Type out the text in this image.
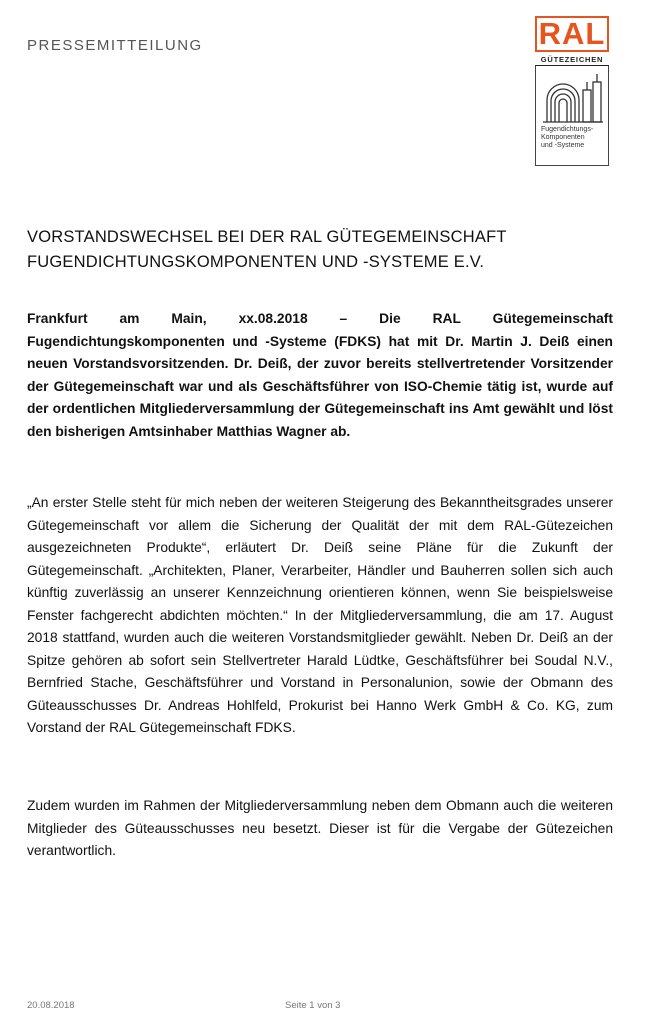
PRESSEMITTEILUNG	RAL
GÜTEZEICHEN
Fugendichtungs-
Komponenten
und -Systeme
VORSTANDSWECHSEL BEI DER RAL GÜTEGEMEINSCHAFT
FUGENDICHTUNGSKOMPONENTEN UND -SYSTEME E.V.

Frankfurt am Main, xx.08.2018 – Die RAL Gütegemeinschaft Fugendichtungskomponenten und -Systeme (FDKS) hat mit Dr. Martin J. Deiß einen neuen Vorstandsvorsitzenden. Dr. Deiß, der zuvor bereits stellvertretender Vorsitzender der Gütegemeinschaft war und als Geschäftsführer von ISO-Chemie tätig ist, wurde auf der ordentlichen Mitgliederversammlung der Gütegemeinschaft ins Amt gewählt und löst den bisherigen Amtsinhaber Matthias Wagner ab.

„An erster Stelle steht für mich neben der weiteren Steigerung des Bekanntheitsgrades unserer Gütegemeinschaft vor allem die Sicherung der Qualität der mit dem RAL-Gütezeichen ausgezeichneten Produkte“, erläutert Dr. Deiß seine Pläne für die Zukunft der Gütegemeinschaft. „Architekten, Planer, Verarbeiter, Händler und Bauherren sollen sich auch künftig zuverlässig an unserer Kennzeichnung orientieren können, wenn Sie beispielsweise Fenster fachgerecht abdichten möchten.“ In der Mitgliederversammlung, die am 17. August 2018 stattfand, wurden auch die weiteren Vorstandsmitglieder gewählt. Neben Dr. Deiß an der Spitze gehören ab sofort sein Stellvertreter Harald Lüdtke, Geschäftsführer bei Soudal N.V., Bernfried Stache, Geschäftsführer und Vorstand in Personalunion, sowie der Obmann des Güteausschusses Dr. Andreas Hohlfeld, Prokurist bei Hanno Werk GmbH & Co. KG, zum Vorstand der RAL Gütegemeinschaft FDKS.

Zudem wurden im Rahmen der Mitgliederversammlung neben dem Obmann auch die weiteren Mitglieder des Güteausschusses neu besetzt. Dieser ist für die Vergabe der Gütezeichen verantwortlich.

20.08.2018	Seite 1 von 3
